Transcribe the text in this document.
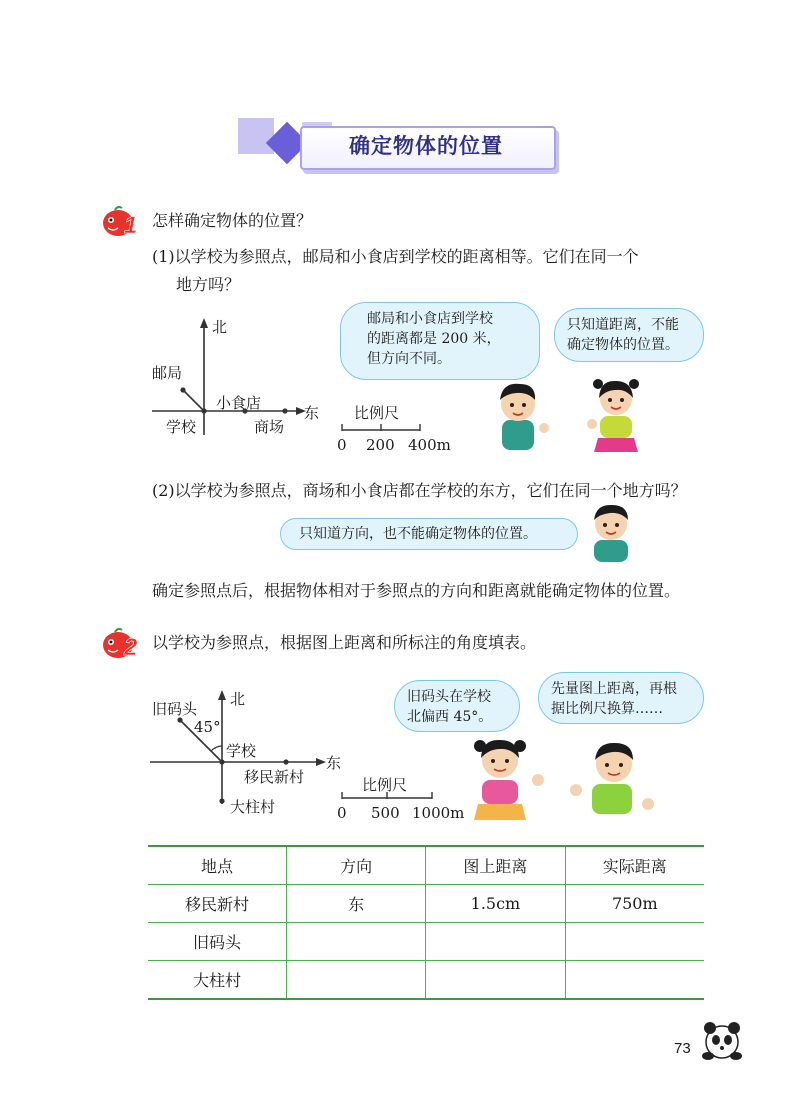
确定物体的位置
1 怎样确定物体的位置？
(1)以学校为参照点，邮局和小食店到学校的距离相等。它们在同一个
地方吗？
北
东
邮局
小食店
学校	商场
比例尺
0 200 400m
邮局和小食店到学校
的距离都是 200 米，
但方向不同。
只知道距离，不能
确定物体的位置。
(2)以学校为参照点，商场和小食店都在学校的东方，它们在同一个地方吗？
只知道方向，也不能确定物体的位置。
确定参照点后，根据物体相对于参照点的方向和距离就能确定物体的位置。
2 以学校为参照点，根据图上距离和所标注的角度填表。
北
东
旧码头
45°
学校
移民新村
大柱村
比例尺
0 500 1000m
旧码头在学校
北偏西 45°。
先量图上距离，再根
据比例尺换算……
地点	方向	图上距离	实际距离
移民新村	东	1.5cm	750m
旧码头			
大柱村			
73
